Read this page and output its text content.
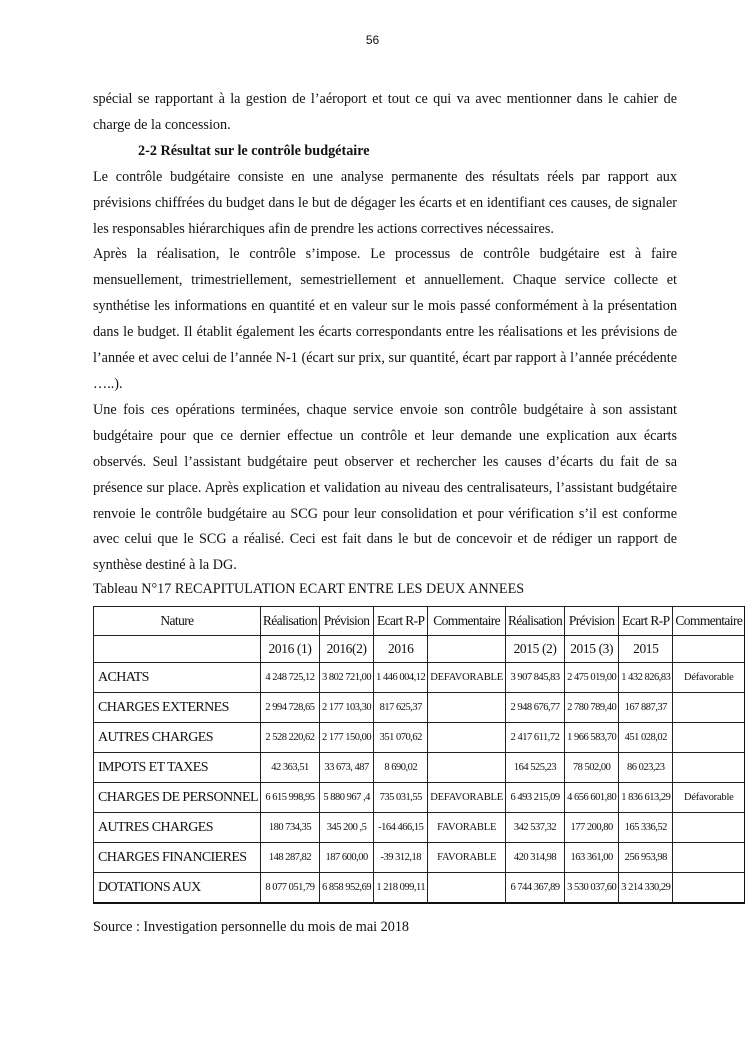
56

spécial se rapportant à la gestion de l’aéroport et tout ce qui va avec mentionner dans le cahier de charge de la concession.

2-2 Résultat sur le contrôle budgétaire

Le contrôle budgétaire consiste en une analyse permanente des résultats réels par rapport aux prévisions chiffrées du budget dans le but de dégager les écarts et en identifiant ces causes, de signaler les responsables hiérarchiques afin de prendre les actions correctives nécessaires.

Après la réalisation, le contrôle s’impose. Le processus de contrôle budgétaire est à faire mensuellement, trimestriellement, semestriellement et annuellement. Chaque service collecte et synthétise les informations en quantité et en valeur sur le mois passé conformément à la présentation dans le budget. Il établit également les écarts correspondants entre les réalisations et les prévisions de l’année et avec celui de l’année N-1 (écart sur prix, sur quantité, écart par rapport à l’année précédente …..).

Une fois ces opérations terminées, chaque service envoie son contrôle budgétaire à son assistant budgétaire pour que ce dernier effectue un contrôle et leur demande une explication aux écarts observés. Seul l’assistant budgétaire peut observer et rechercher les causes d’écarts du fait de sa présence sur place. Après explication et validation au niveau des centralisateurs, l’assistant budgétaire renvoie le contrôle budgétaire au SCG pour leur consolidation et pour vérification s’il est conforme avec celui que le SCG a réalisé. Ceci est fait dans le but de concevoir et de rédiger un rapport de synthèse destiné à la DG.

Tableau N°17 RECAPITULATION ECART ENTRE LES DEUX ANNEES
Nature	Réalisation	Prévision	Ecart R-P	Commentaire	Réalisation	Prévision	Ecart R-P	Commentaire
	2016 (1)	2016(2)	2016		2015 (2)	2015 (3)	2015	
ACHATS	4 248 725,12	3 802 721,00	1 446 004,12	DEFAVORABLE	3 907 845,83	2 475 019,00	1 432 826,83	Défavorable
CHARGES EXTERNES	2 994 728,65	2 177 103,30	817 625,37		2 948 676,77	2 780 789,40	167 887,37	
AUTRES CHARGES	2 528 220,62	2 177 150,00	351 070,62		2 417 611,72	1 966 583,70	451 028,02	
IMPOTS ET TAXES	42 363,51	33 673, 487	8 690,02		164 525,23	78 502,00	86 023,23	
CHARGES DE PERSONNEL	6 615 998,95	5 880 967 ,4	735 031,55	DEFAVORABLE	6 493 215,09	4 656 601,80	1 836 613,29	Défavorable
AUTRES CHARGES	180 734,35	345 200 ,5	-164 466,15	FAVORABLE	342 537,32	177 200,80	165 336,52	
CHARGES FINANCIERES	148 287,82	187 600,00	-39 312,18	FAVORABLE	420 314,98	163 361,00	256 953,98	
DOTATIONS AUX	8 077 051,79	6 858 952,69	1 218 099,11		6 744 367,89	3 530 037,60	3 214 330,29	
Source : Investigation personnelle du mois de mai 2018
